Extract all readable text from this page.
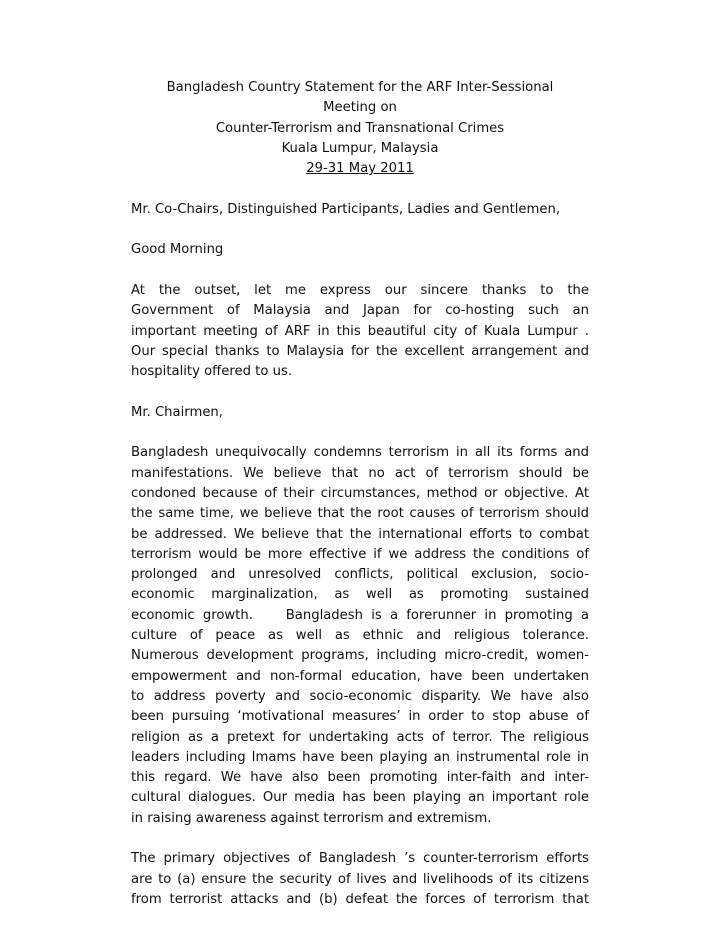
Bangladesh Country Statement for the ARF Inter-Sessional
Meeting on
Counter-Terrorism and Transnational Crimes
Kuala Lumpur, Malaysia
29-31 May 2011
Mr. Co-Chairs, Distinguished Participants, Ladies and Gentlemen,
Good Morning
At the outset, let me express our sincere thanks to the
Government of Malaysia and Japan for co-hosting such an
important meeting of ARF in this beautiful city of Kuala Lumpur .
Our special thanks to Malaysia for the excellent arrangement and
hospitality offered to us.
Mr. Chairmen,
Bangladesh unequivocally condemns terrorism in all its forms and
manifestations. We believe that no act of terrorism should be
condoned because of their circumstances, method or objective. At
the same time, we believe that the root causes of terrorism should
be addressed. We believe that the international efforts to combat
terrorism would be more effective if we address the conditions of
prolonged and unresolved conflicts, political exclusion, socio-
economic marginalization, as well as promoting sustained
economic growth.    Bangladesh is a forerunner in promoting a
culture of peace as well as ethnic and religious tolerance.
Numerous development programs, including micro-credit, women-
empowerment and non-formal education, have been undertaken
to address poverty and socio-economic disparity. We have also
been pursuing ‘motivational measures’ in order to stop abuse of
religion as a pretext for undertaking acts of terror. The religious
leaders including Imams have been playing an instrumental role in
this regard. We have also been promoting inter-faith and inter-
cultural dialogues. Our media has been playing an important role
in raising awareness against terrorism and extremism.
The primary objectives of Bangladesh ’s counter-terrorism efforts
are to (a) ensure the security of lives and livelihoods of its citizens
from terrorist attacks and (b) defeat the forces of terrorism that
